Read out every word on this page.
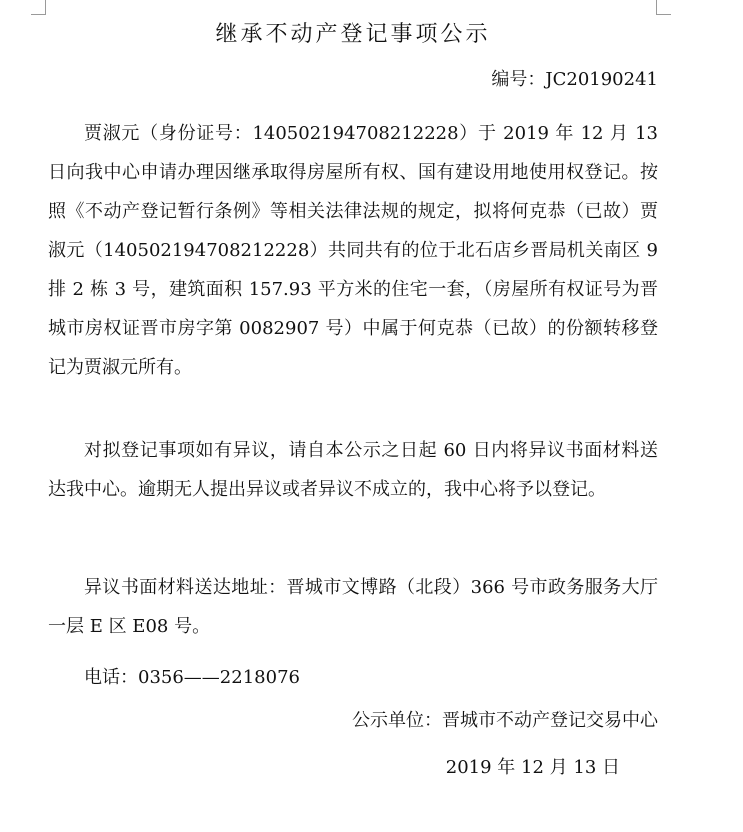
继承不动产登记事项公示
编号：JC20190241

贾淑元（身份证号：140502194708212228）于 2019 年 12 月 13 日向我中心申请办理因继承取得房屋所有权、国有建设用地使用权登记。按照《不动产登记暂行条例》等相关法律法规的规定，拟将何克恭（已故）贾淑元（140502194708212228）共同共有的位于北石店乡晋局机关南区 9 排 2 栋 3 号，建筑面积 157.93 平方米的住宅一套，（房屋所有权证号为晋城市房权证晋市房字第 0082907 号）中属于何克恭（已故）的份额转移登记为贾淑元所有。

对拟登记事项如有异议，请自本公示之日起 60 日内将异议书面材料送达我中心。逾期无人提出异议或者异议不成立的，我中心将予以登记。

异议书面材料送达地址：晋城市文博路（北段）366 号市政务服务大厅一层 E 区 E08 号。

电话：0356——2218076

公示单位：晋城市不动产登记交易中心
2019 年 12 月 13 日
